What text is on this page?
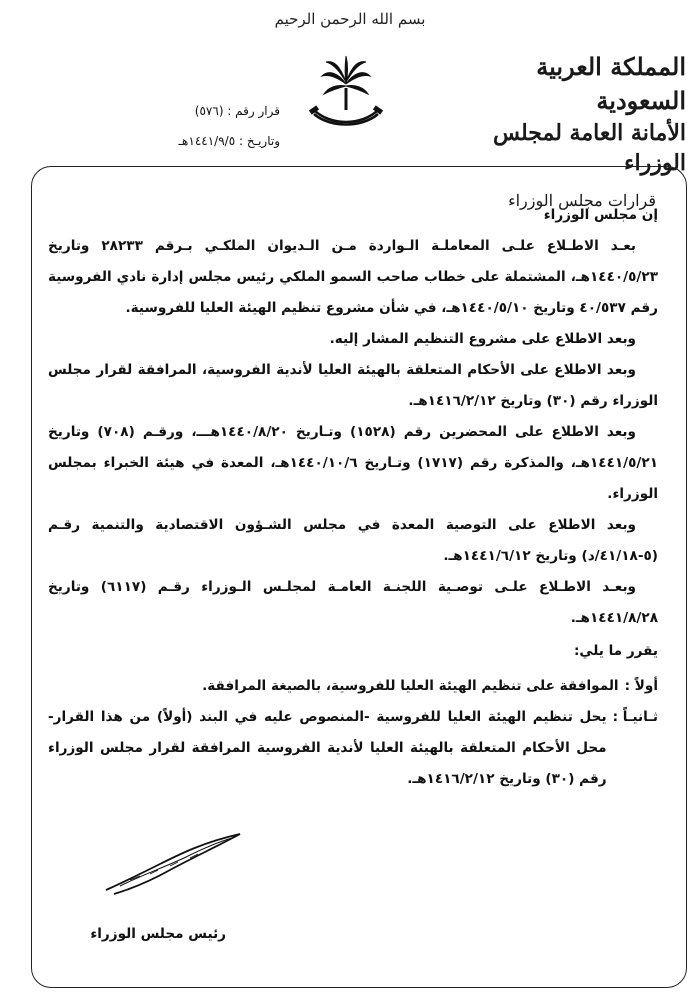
بسم الله الرحمن الرحيم
المملكة العربية السعودية
الأمانة العامة لمجلس الوزراء
قرارات مجلس الوزراء
قرار رقم : (٥٧٦)
وتاريـخ : ١٤٤١/٩/٥هـ

إن مجلس الوزراء

بعـد الاطـلاع علـى المعاملـة الـواردة مـن الـديوان الملكـي بـرقم ٢٨٢٣٣ وتاريخ ١٤٤٠/٥/٢٣هـ، المشتملة على خطاب صاحب السمو الملكي رئيس مجلس إدارة نادي الفروسية رقم ٤٠/٥٣٧ وتاريخ ١٤٤٠/٥/١٠هـ، في شأن مشروع تنظيم الهيئة العليا للفروسية.

وبعد الاطلاع على مشروع التنظيم المشار إليه.

وبعد الاطلاع على الأحكام المتعلقة بالهيئة العليا لأندية الفروسية، المرافقة لقرار مجلس الوزراء رقم (٣٠) وتاريخ ١٤١٦/٢/١٢هـ.

وبعد الاطلاع على المحضرين رقم (١٥٢٨) وتـاريخ ١٤٤٠/٨/٢٠هـــ، ورقـم (٧٠٨) وتاريخ ١٤٤١/٥/٢١هـ، والمذكرة رقم (١٧١٧) وتـاريخ ١٤٤٠/١٠/٦هـ، المعدة في هيئة الخبراء بمجلس الوزراء.

وبعد الاطلاع على التوصية المعدة في مجلس الشـؤون الاقتصادية والتنمية رقـم (٥-٤١/١٨/د) وتاريخ ١٤٤١/٦/١٢هـ.

وبعـد الاطـلاع علـى توصـية اللجنـة العامـة لمجلـس الـوزراء رقـم (٦١١٧) وتاريخ ١٤٤١/٨/٢٨هـ.

يقرر ما يلي:

أولاً :
الموافقة على تنظيم الهيئة العليا للفروسية، بالصيغة المرافقة.
ثـانيـاً :
يحل تنظيم الهيئة العليا للفروسية -المنصوص عليه في البند (أولاً) من هذا القرار- محل الأحكام المتعلقة بالهيئة العليا لأندية الفروسية المرافقة لقرار مجلس الوزراء رقم (٣٠) وتاريخ ١٤١٦/٢/١٢هـ.
رئيس مجلس الوزراء
